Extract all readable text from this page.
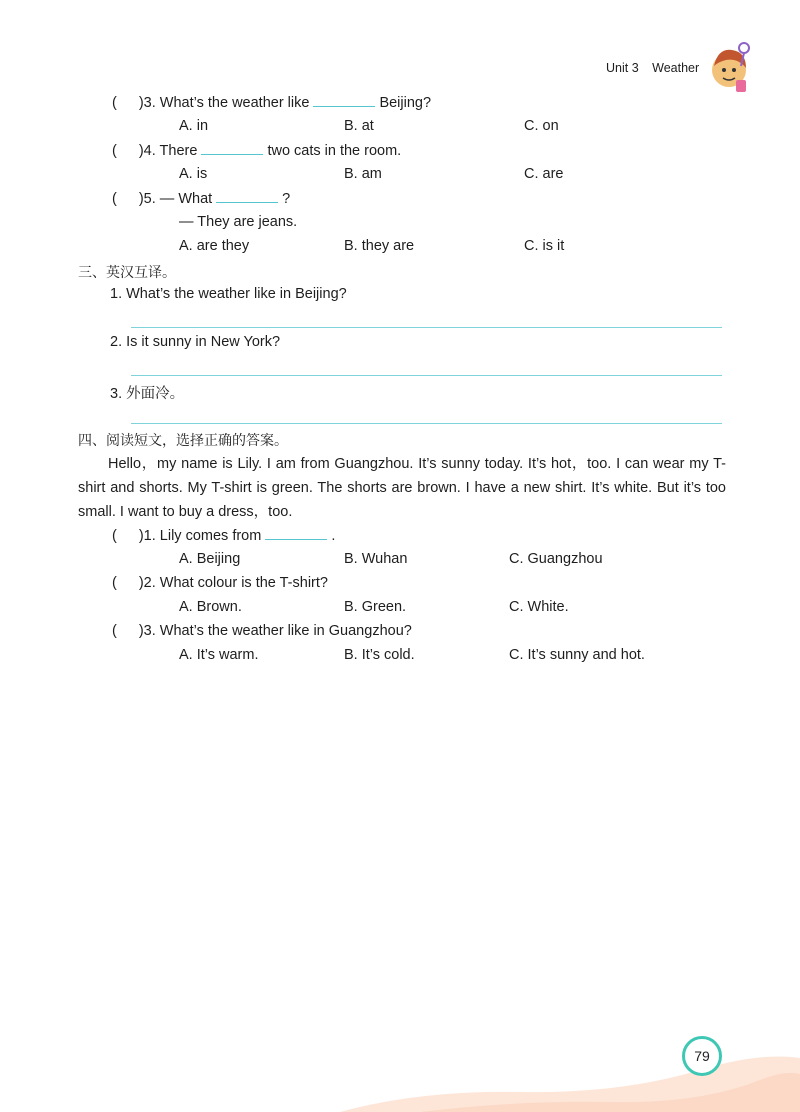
Unit 3 Weather
( )3. What’s the weather like	Beijing?
A. in	B. at	C. on
( )4. There	two cats in the room.
A. is	B. am	C. are
( )5. — What	?
— They are jeans.
A. are they	B. they are	C. is it
三、英汉互译。
1. What’s the weather like in Beijing?
2. Is it sunny in New York?
3. 外面冷。
四、阅读短文，选择正确的答案。
Hello，my name is Lily. I am from Guangzhou. It’s sunny today. It’s hot，too. I can wear my T-shirt and shorts. My T-shirt is green. The shorts are brown. I have a new shirt. It’s white. But it’s too small. I want to buy a dress，too.
( )1. Lily comes from	.
A. Beijing	B. Wuhan	C. Guangzhou
( )2. What colour is the T-shirt?
A. Brown.	B. Green.	C. White.
( )3. What’s the weather like in Guangzhou?
A. It’s warm.	B. It’s cold.	C. It’s sunny and hot.
79
